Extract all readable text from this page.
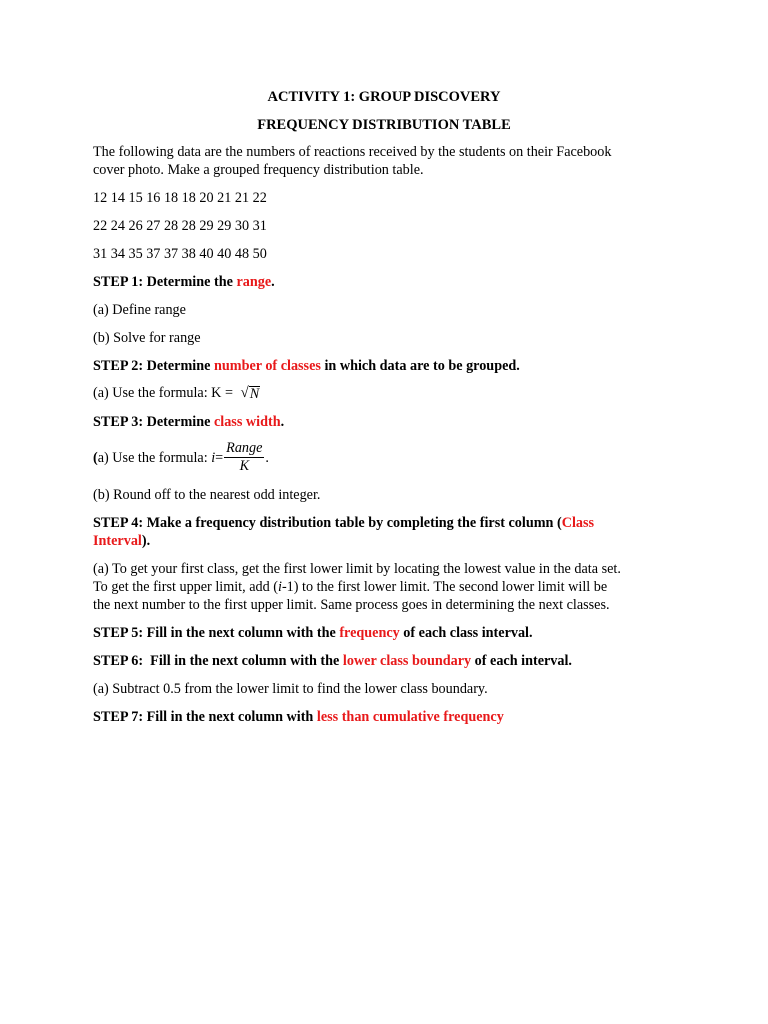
ACTIVITY 1: GROUP DISCOVERY
FREQUENCY DISTRIBUTION TABLE
The following data are the numbers of reactions received by the students on their Facebook
cover photo. Make a grouped frequency distribution table.
12 14 15 16 18 18 20 21 21 22
22 24 26 27 28 28 29 29 30 31
31 34 35 37 37 38 40 40 48 50
STEP 1: Determine the range.
(a) Define range
(b) Solve for range
STEP 2: Determine number of classes in which data are to be grouped.
(a) Use the formula: K = √ N
STEP 3: Determine class width.
( a) Use the formula: $i = \frac{\text{Range}}{K}$ .
(b) Round off to the nearest odd integer.
STEP 4: Make a frequency distribution table by completing the first column (Class
Interval).
(a) To get your first class, get the first lower limit by locating the lowest value in the data set.
To get the first upper limit, add (i-1) to the first lower limit. The second lower limit will be
the next number to the first upper limit. Same process goes in determining the next classes.
STEP 5: Fill in the next column with the frequency of each class interval.
STEP 6:  Fill in the next column with the lower class boundary of each interval.
(a) Subtract 0.5 from the lower limit to find the lower class boundary.
STEP 7: Fill in the next column with less than cumulative frequency
